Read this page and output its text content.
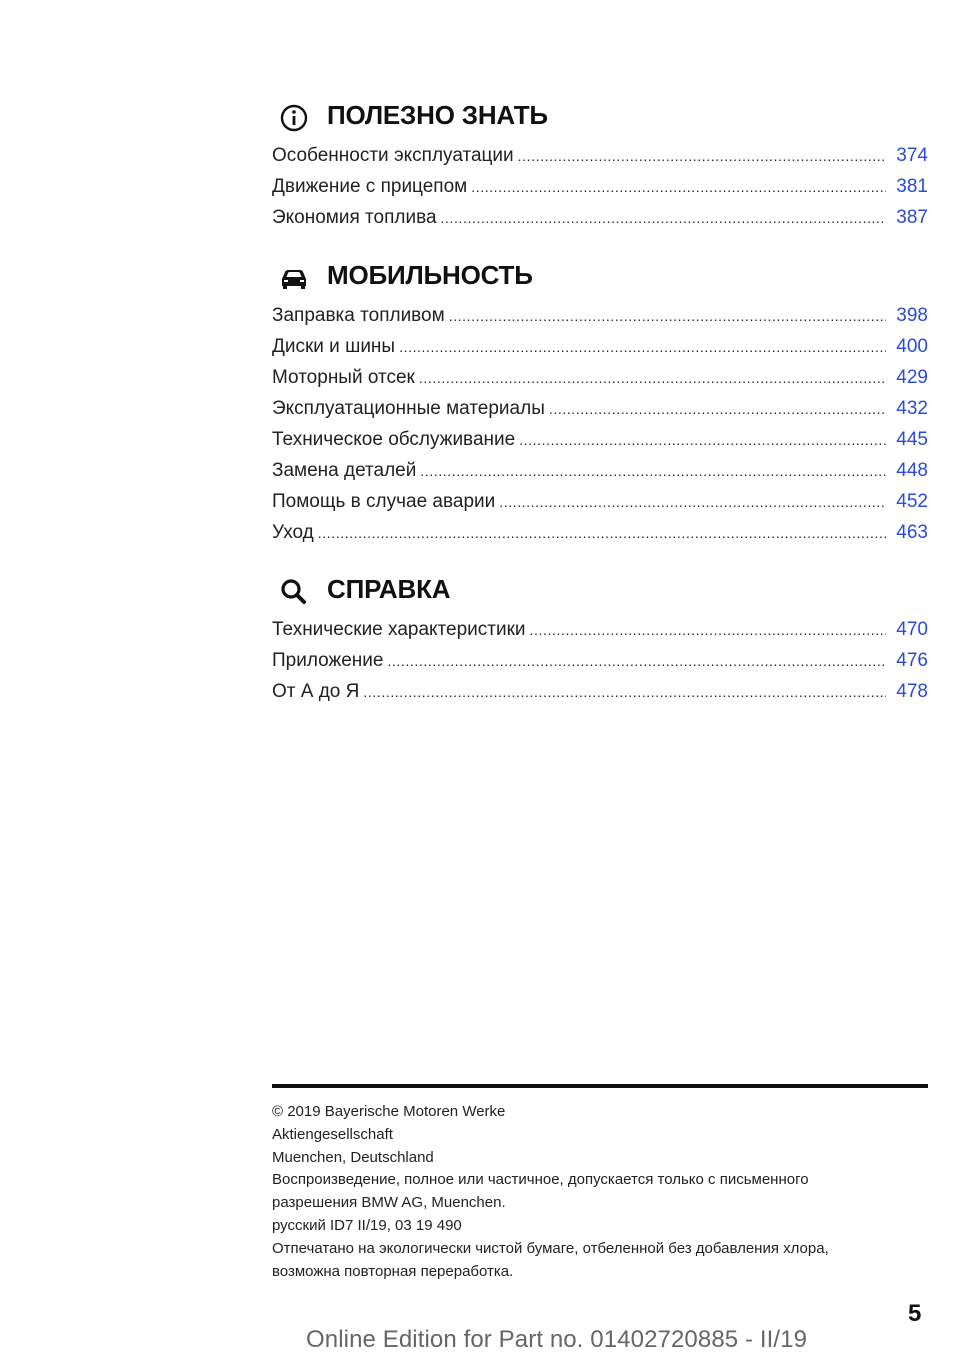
ПОЛЕЗНО ЗНАТЬ
Особенности эксплуатации .....	374
Движение с прицепом .....	381
Экономия топлива .....	387
МОБИЛЬНОСТЬ
Заправка топливом .....	398
Диски и шины .....	400
Моторный отсек .....	429
Эксплуатационные материалы .....	432
Техническое обслуживание .....	445
Замена деталей .....	448
Помощь в случае аварии .....	452
Уход .....	463
СПРАВКА
Технические характеристики .....	470
Приложение .....	476
От А до Я .....	478
© 2019 Bayerische Motoren Werke
Aktiengesellschaft
Muenchen, Deutschland
Воспроизведение, полное или частичное, допускается только с письменного
разрешения BMW AG, Muenchen.
русский ID7 II/19, 03 19 490
Отпечатано на экологически чистой бумаге, отбеленной без добавления хлора,
возможна повторная переработка.
5
Online Edition for Part no. 01402720885 - II/19
